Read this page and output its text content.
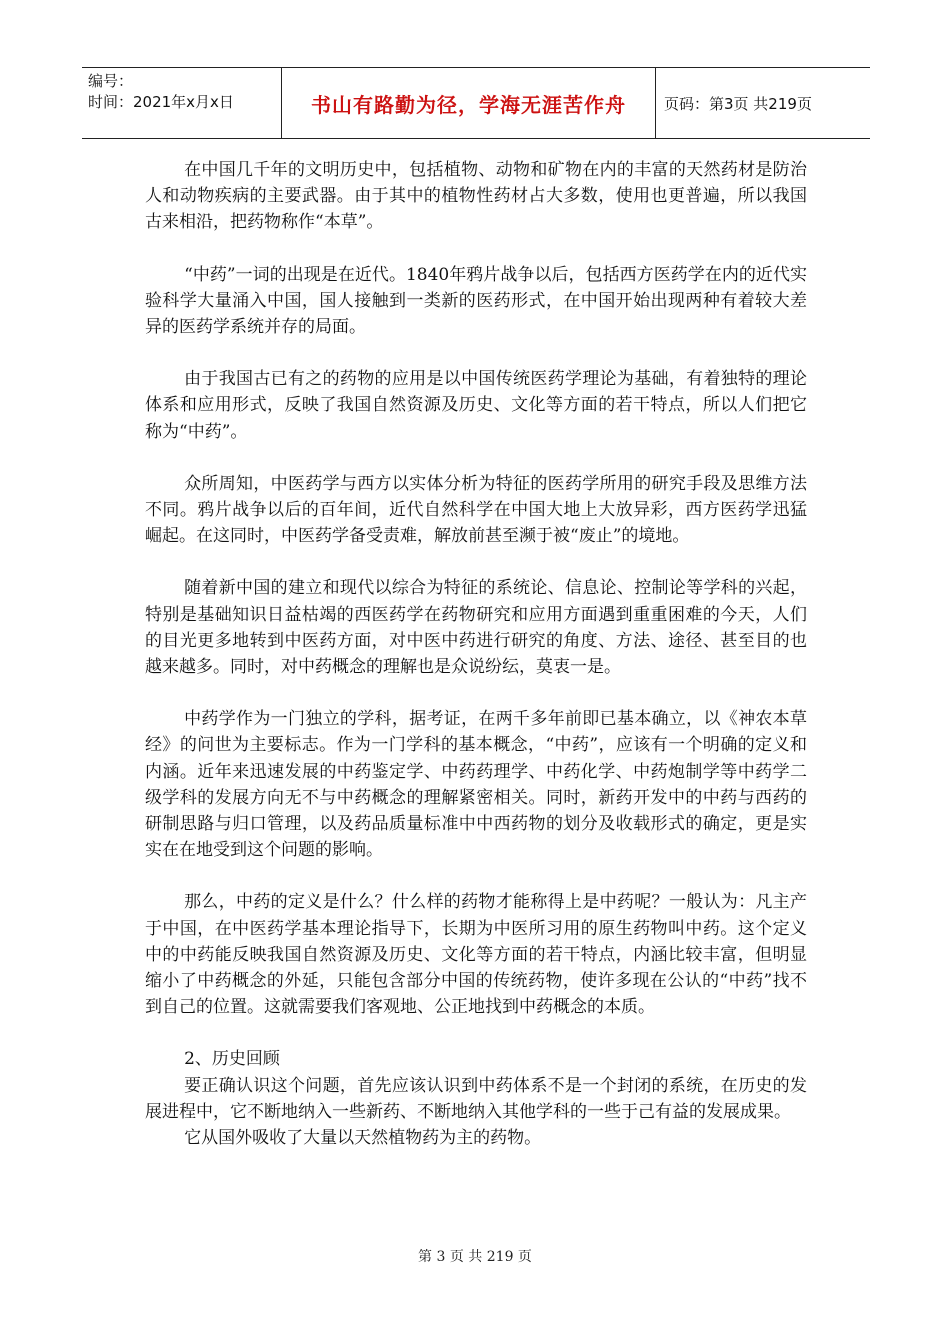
编号：
时间：2021年x月x日	书山有路勤为径，学海无涯苦作舟	页码：第3页 共219页

在中国几千年的文明历史中，包括植物、动物和矿物在内的丰富的天然药材是防治人和动物疾病的主要武器。由于其中的植物性药材占大多数，使用也更普遍，所以我国古来相沿，把药物称作“本草”。

“中药”一词的出现是在近代。1840年鸦片战争以后，包括西方医药学在内的近代实验科学大量涌入中国，国人接触到一类新的医药形式，在中国开始出现两种有着较大差异的医药学系统并存的局面。

由于我国古已有之的药物的应用是以中国传统医药学理论为基础，有着独特的理论体系和应用形式，反映了我国自然资源及历史、文化等方面的若干特点，所以人们把它称为“中药”。

众所周知，中医药学与西方以实体分析为特征的医药学所用的研究手段及思维方法不同。鸦片战争以后的百年间，近代自然科学在中国大地上大放异彩，西方医药学迅猛崛起。在这同时，中医药学备受责难，解放前甚至濒于被“废止”的境地。

随着新中国的建立和现代以综合为特征的系统论、信息论、控制论等学科的兴起，特别是基础知识日益枯竭的西医药学在药物研究和应用方面遇到重重困难的今天，人们的目光更多地转到中医药方面，对中医中药进行研究的角度、方法、途径、甚至目的也越来越多。同时，对中药概念的理解也是众说纷纭，莫衷一是。

中药学作为一门独立的学科，据考证，在两千多年前即已基本确立，以《神农本草经》的问世为主要标志。作为一门学科的基本概念，“中药”，应该有一个明确的定义和内涵。近年来迅速发展的中药鉴定学、中药药理学、中药化学、中药炮制学等中药学二级学科的发展方向无不与中药概念的理解紧密相关。同时，新药开发中的中药与西药的研制思路与归口管理，以及药品质量标准中中西药物的划分及收载形式的确定，更是实实在在地受到这个问题的影响。

那么，中药的定义是什么？什么样的药物才能称得上是中药呢？一般认为：凡主产于中国，在中医药学基本理论指导下，长期为中医所习用的原生药物叫中药。这个定义中的中药能反映我国自然资源及历史、文化等方面的若干特点，内涵比较丰富，但明显缩小了中药概念的外延，只能包含部分中国的传统药物，使许多现在公认的“中药”找不到自己的位置。这就需要我们客观地、公正地找到中药概念的本质。

2、历史回顾

要正确认识这个问题，首先应该认识到中药体系不是一个封闭的系统，在历史的发展进程中，它不断地纳入一些新药、不断地纳入其他学科的一些于己有益的发展成果。

它从国外吸收了大量以天然植物药为主的药物。

第 3 页 共 219 页
